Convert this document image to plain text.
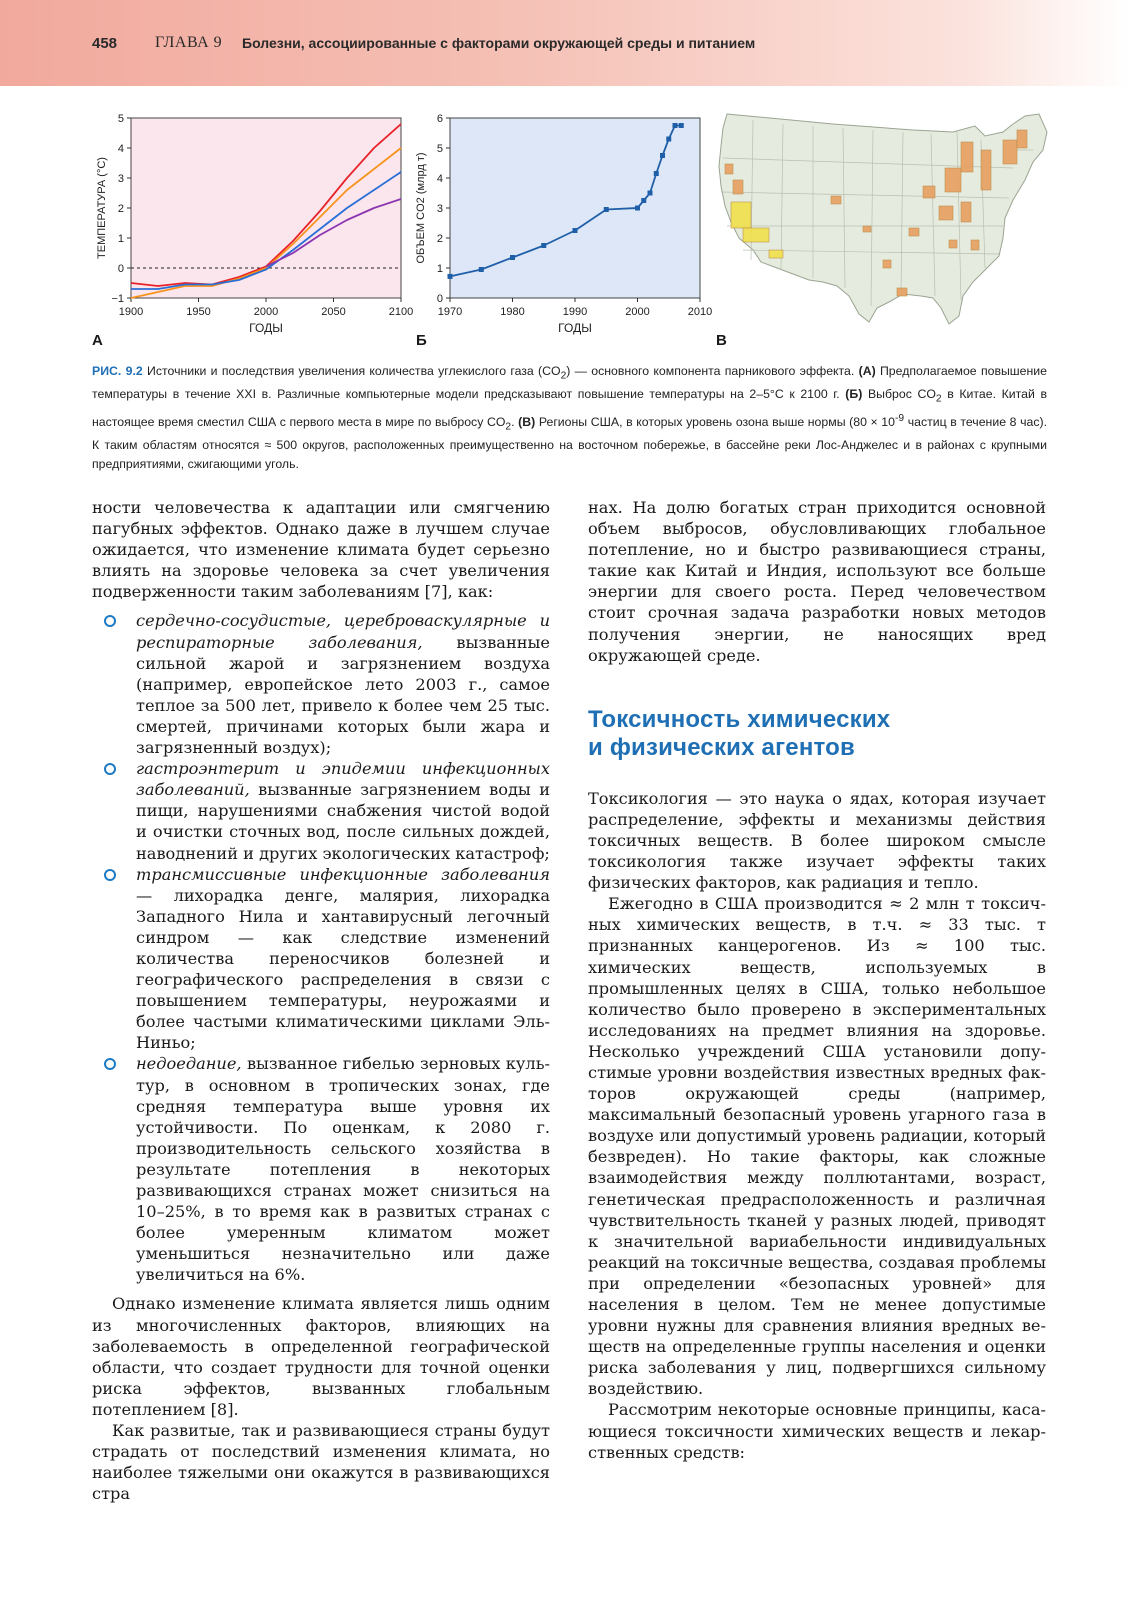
458 ГЛАВА 9 Болезни, ассоциированные с факторами окружающей среды и питанием
−1
0
1
2
3
4
5
1900	1950	2000	2050	2100
ГОДЫ
ТЕМПЕРАТУРА (°С)
А
0
1
2
3
4
5
6
1970	1980	1990	2000	2010
ГОДЫ
ОБЪЕМ CO2 (млрд т)
Б	В
РИС. 9.2 Источники и последствия увеличения количества углекислого газа $(CO_2)$ — основного компонента парникового эффекта. (А) Предполагаемое повышение температуры в течение XXI в. Различные компьютерные модели предсказывают повышение температуры на 2–5°С к 2100 г. (Б) Выброс $CO_2$ в Китае. Китай в настоящее время сместил США с первого места в мире по выбросу $CO_2$. (В) Регионы США, в которых уровень озона выше нормы ($80 \times 10^{-9}$ частиц в течение 8 час). К таким областям относятся ≈ 500 округов, расположенных преимущественно на восточном побережье, в бассейне реки Лос-Анджелес и в районах с крупными предприятиями, сжигающими уголь.

ности человечества к адаптации или смягчению пагубных эффектов. Однако даже в лучшем случае ожидается, что изменение климата будет серьезно влиять на здоровье человека за счет увеличения подверженности таким заболеваниям [7], как:

сердечно-сосудистые, цереброваскулярные и респираторные заболевания, вызванные сильной жарой и загрязнением воздуха (например, европейское лето 2003 г., самое теплое за 500 лет, привело к более чем 25 тыс. смертей, причинами которых были жара и загрязненный воздух);
гастроэнтерит и эпидемии инфекционных заболеваний, вызванные загрязнением воды и пищи, нарушениями снабжения чистой водой и очистки сточных вод, после сильных дождей, наводнений и других экологических катастроф;
трансмиссивные инфекционные заболевания — лихорадка денге, малярия, лихорадка Западного Нила и хантавирусный легочный синдром — как следствие изменений количества переносчиков болезней и географического распределения в связи с повышением температуры, неурожаями и более частыми климатическими циклами Эль-Ниньо;
недоедание, вызванное гибелью зерновых культур, в основном в тропических зонах, где средняя температура выше уровня их устойчивости. По оценкам, к 2080 г. производительность сельского хозяйства в результате потепления в некоторых развивающихся странах может снизиться на 10–25%, в то время как в развитых странах с более умеренным климатом может уменьшиться незначительно или даже увеличиться на 6%.

Однако изменение климата является лишь одним из многочисленных факторов, влияющих на заболеваемость в определенной географической области, что создает трудности для точной оценки риска эффектов, вызванных глобальным потеплением [8].

Как развитые, так и развивающиеся страны будут страдать от последствий изменения климата, но наиболее тяжелыми они окажутся в развивающихся стра

нах. На долю богатых стран приходится основной объем выбросов, обусловливающих глобальное потепление, но и быстро развивающиеся страны, такие как Китай и Индия, используют все больше энергии для своего роста. Перед человечеством стоит срочная задача разработки новых методов получения энергии, не наносящих вред окружающей среде.

Токсичность химических
и физических агентов

Токсикология — это наука о ядах, которая изучает распределение, эффекты и механизмы действия токсичных веществ. В более широком смысле токсикология также изучает эффекты таких физических факторов, как радиация и тепло.

Ежегодно в США производится ≈ 2 млн т токсичных химических веществ, в т.ч. ≈ 33 тыс. т признанных канцерогенов. Из ≈ 100 тыс. химических веществ, используемых в промышленных целях в США, только небольшое количество было проверено в экспериментальных исследованиях на предмет влияния на здоровье. Несколько учреждений США установили допустимые уровни воздействия известных вредных факторов окружающей среды (например, максимальный безопасный уровень угарного газа в воздухе или допустимый уровень радиации, который безвреден). Но такие факторы, как сложные взаимодействия между поллютантами, возраст, генетическая предрасположенность и различная чувствительность тканей у разных людей, приводят к значительной вариабельности индивидуальных реакций на токсичные вещества, создавая проблемы при определении «безопасных уровней» для населения в целом. Тем не менее допустимые уровни нужны для сравнения влияния вредных веществ на определенные группы населения и оценки риска заболевания у лиц, подвергшихся сильному воздействию.

Рассмотрим некоторые основные принципы, касающиеся токсичности химических веществ и лекарственных средств:
